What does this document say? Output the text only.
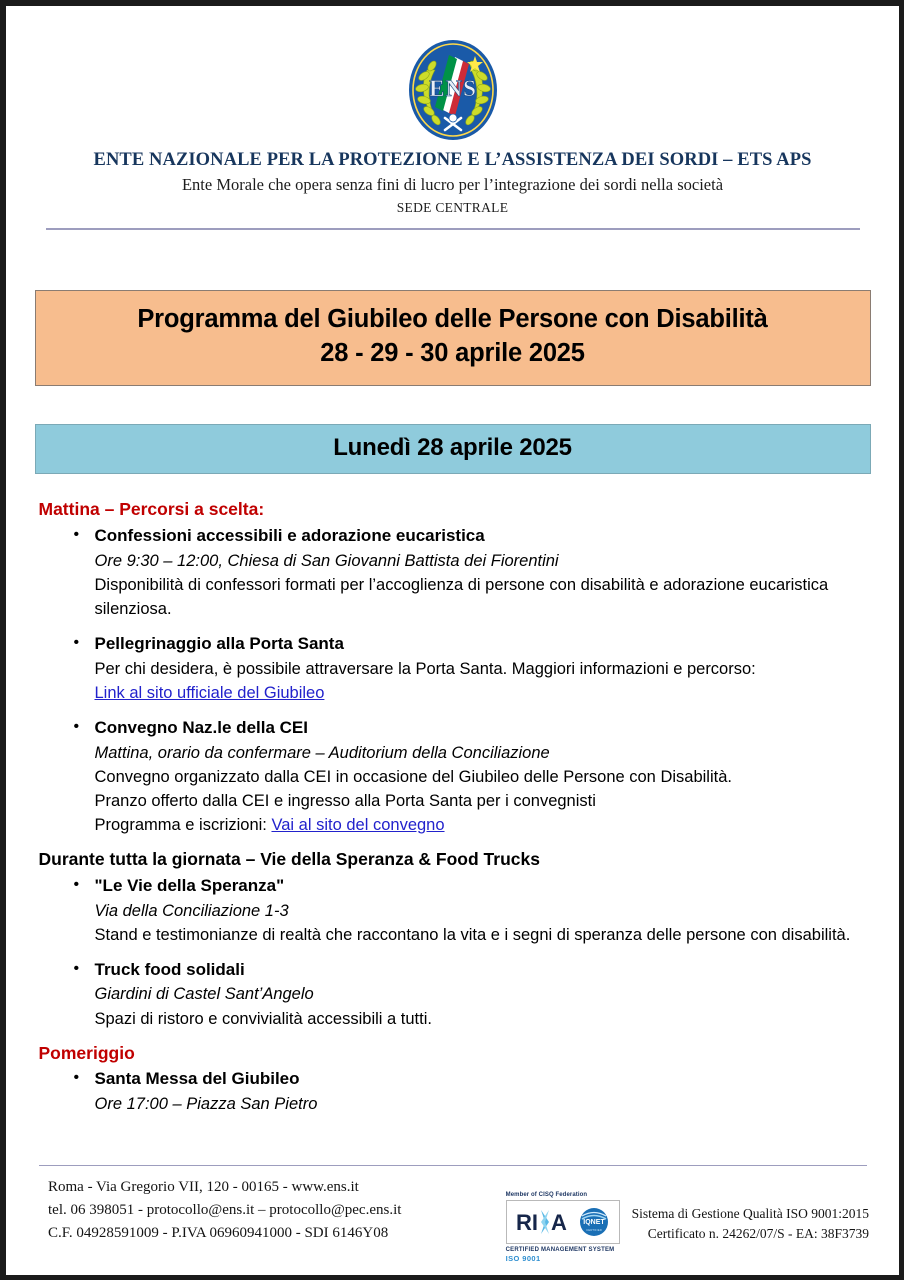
ENS
ENTE NAZIONALE PER LA PROTEZIONE E L’ASSISTENZA DEI SORDI – ETS APS
Ente Morale che opera senza fini di lucro per l’integrazione dei sordi nella società
SEDE CENTRALE
Programma del Giubileo delle Persone con Disabilità
28 - 29 - 30 aprile 2025
Lunedì 28 aprile 2025
Mattina – Percorsi a scelta:
• Confessioni accessibili e adorazione eucaristica
Ore 9:30 – 12:00, Chiesa di San Giovanni Battista dei Fiorentini
Disponibilità di confessori formati per l’accoglienza di persone con disabilità e adorazione eucaristica silenziosa.
• Pellegrinaggio alla Porta Santa
Per chi desidera, è possibile attraversare la Porta Santa. Maggiori informazioni e percorso:
Link al sito ufficiale del Giubileo
• Convegno Naz.le della CEI
Mattina, orario da confermare – Auditorium della Conciliazione
Convegno organizzato dalla CEI in occasione del Giubileo delle Persone con Disabilità.
Pranzo offerto dalla CEI e ingresso alla Porta Santa per i convegnisti
Programma e iscrizioni: Vai al sito del convegno
Durante tutta la giornata – Vie della Speranza & Food Trucks
• "Le Vie della Speranza"
Via della Conciliazione 1-3
Stand e testimonianze di realtà che raccontano la vita e i segni di speranza delle persone con disabilità.
• Truck food solidali
Giardini di Castel Sant’Angelo
Spazi di ristoro e convivialità accessibili a tutti.
Pomeriggio
• Santa Messa del Giubileo
Ore 17:00 – Piazza San Pietro
Roma - Via Gregorio VII, 120 - 00165 - www.ens.it
tel. 06 398051 - protocollo@ens.it – protocollo@pec.ens.it
C.F. 04928591009 - P.IVA 06960941000 - SDI 6146Y08
Member of CISQ Federation
RI A IQNET
CERTIFIED
CERTIFIED MANAGEMENT SYSTEM
ISO 9001
Sistema di Gestione Qualità ISO 9001:2015
Certificato n. 24262/07/S - EA: 38F3739
